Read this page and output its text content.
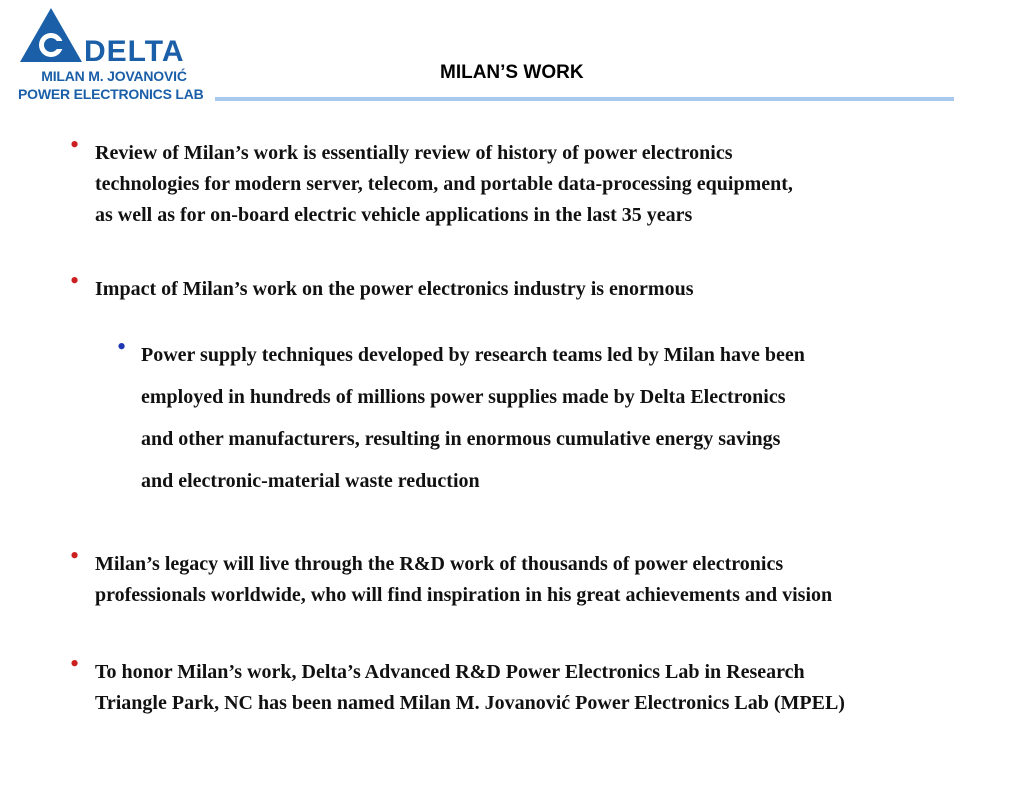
DELTA
MILAN M. JOVANOVIĆ
POWER ELECTRONICS LAB
MILAN’S WORK
• Review of Milan’s work is essentially review of history of power electronics
technologies for modern server, telecom, and portable data-processing equipment,
as well as for on-board electric vehicle applications in the last 35 years
• Impact of Milan’s work on the power electronics industry is enormous
• Power supply techniques developed by research teams led by Milan have been
employed in hundreds of millions power supplies made by Delta Electronics
and other manufacturers, resulting in enormous cumulative energy savings
and electronic-material waste reduction
• Milan’s legacy will live through the R&D work of thousands of power electronics
professionals worldwide, who will find inspiration in his great achievements and vision
• To honor Milan’s work, Delta’s Advanced R&D Power Electronics Lab in Research
Triangle Park, NC has been named Milan M. Jovanović Power Electronics Lab (MPEL)
